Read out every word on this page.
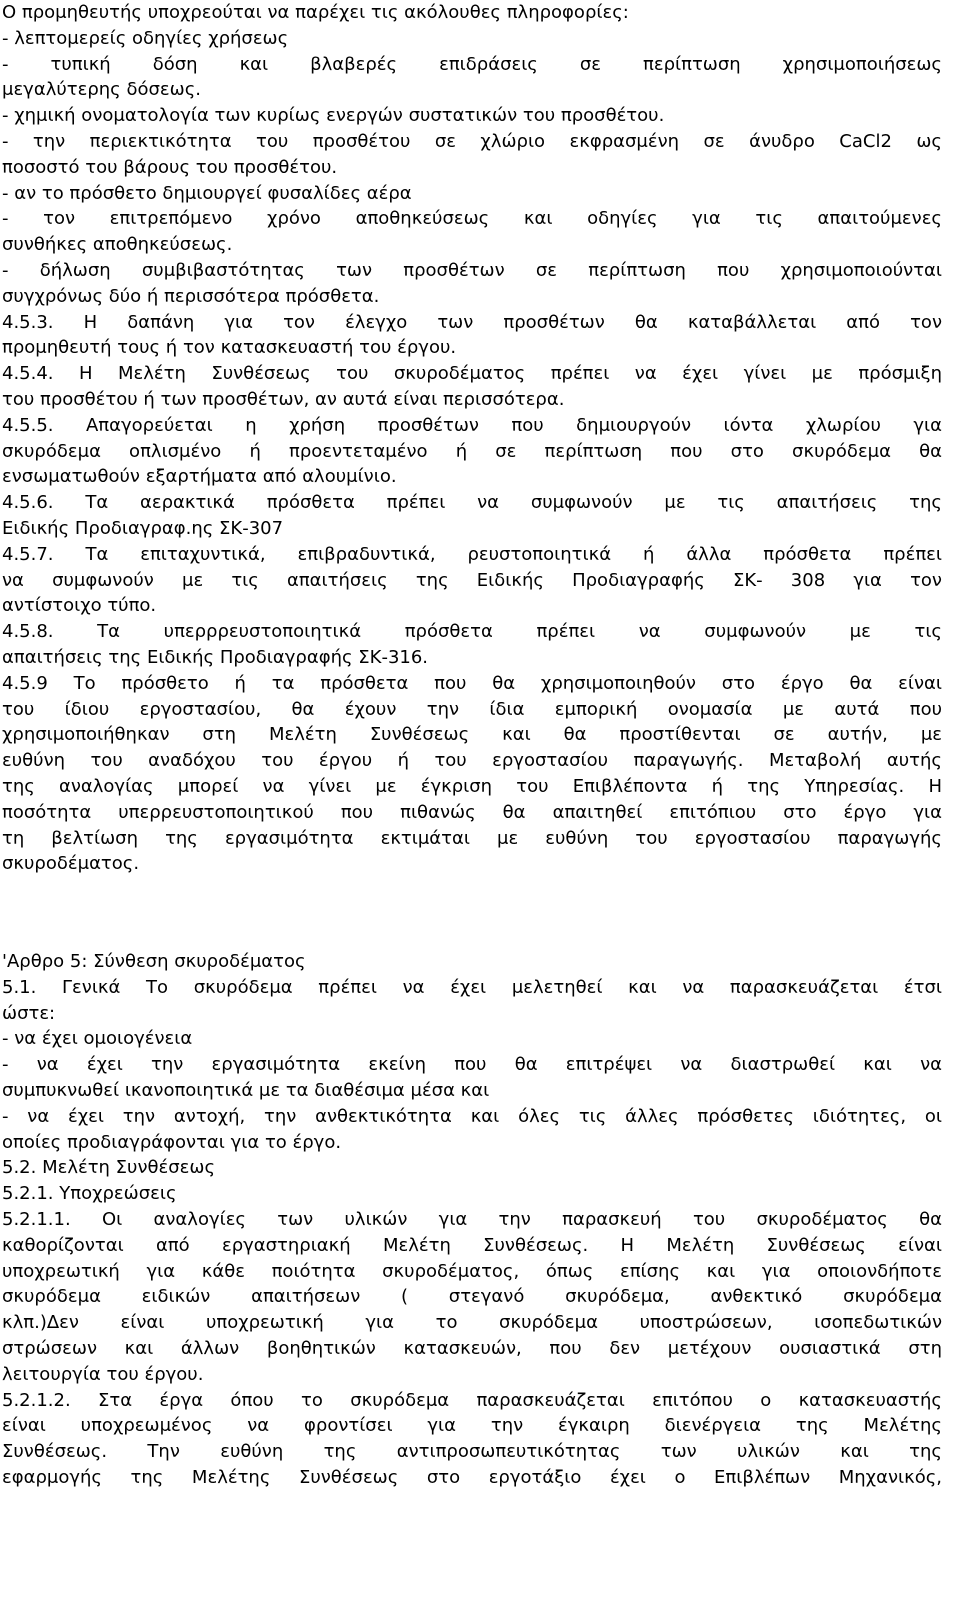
Ο προμηθευτής υποχρεούται να παρέχει τις ακόλουθες πληροφορίες:
- λεπτομερείς οδηγίες χρήσεως
- τυπική δόση και βλαβερές επιδράσεις σε περίπτωση χρησιμοποιήσεως
μεγαλύτερης δόσεως.
- χημική ονοματολογία των κυρίως ενεργών συστατικών του προσθέτου.
- την περιεκτικότητα του προσθέτου σε χλώριο εκφρασμένη σε άνυδρο CaCl2 ως
ποσοστό του βάρους του προσθέτου.
- αν το πρόσθετο δημιουργεί φυσαλίδες αέρα
- τον επιτρεπόμενο χρόνο αποθηκεύσεως και οδηγίες για τις απαιτούμενες
συνθήκες αποθηκεύσεως.
- δήλωση συμβιβαστότητας των προσθέτων σε περίπτωση που χρησιμοποιούνται
συγχρόνως δύο ή περισσότερα πρόσθετα.
4.5.3. Η δαπάνη για τον έλεγχο των προσθέτων θα καταβάλλεται από τον
προμηθευτή τους ή τον κατασκευαστή του έργου.
4.5.4. Η Μελέτη Συνθέσεως του σκυροδέματος πρέπει να έχει γίνει με πρόσμιξη
του προσθέτου ή των προσθέτων, αν αυτά είναι περισσότερα.
4.5.5. Απαγορεύεται η χρήση προσθέτων που δημιουργούν ιόντα χλωρίου για
σκυρόδεμα οπλισμένο ή προεντεταμένο ή σε περίπτωση που στο σκυρόδεμα θα
ενσωματωθούν εξαρτήματα από αλουμίνιο.
4.5.6. Τα αερακτικά πρόσθετα πρέπει να συμφωνούν με τις απαιτήσεις της
Ειδικής Προδιαγραφ.ης ΣΚ-307
4.5.7. Τα επιταχυντικά, επιβραδυντικά, ρευστοποιητικά ή άλλα πρόσθετα πρέπει
να συμφωνούν με τις απαιτήσεις της Ειδικής Προδιαγραφής ΣΚ- 308 για τον
αντίστοιχο τύπο.
4.5.8. Τα υπερρρευστοποιητικά πρόσθετα πρέπει να συμφωνούν με τις
απαιτήσεις της Ειδικής Προδιαγραφής ΣΚ-316.
4.5.9 Το πρόσθετο ή τα πρόσθετα που θα χρησιμοποιηθούν στο έργο θα είναι
του ίδιου εργοστασίου, θα έχουν την ίδια εμπορική ονομασία με αυτά που
χρησιμοποιήθηκαν στη Μελέτη Συνθέσεως και θα προστίθενται σε αυτήν, με
ευθύνη του αναδόχου του έργου ή του εργοστασίου παραγωγής. Μεταβολή αυτής
της αναλογίας μπορεί να γίνει με έγκριση του Επιβλέποντα ή της Υπηρεσίας. Η
ποσότητα υπερρευστοποιητικού που πιθανώς θα απαιτηθεί επιτόπιου στο έργο για
τη βελτίωση της εργασιμότητα εκτιμάται με ευθύνη του εργοστασίου παραγωγής
σκυροδέματος.
'Αρθρο 5: Σύνθεση σκυροδέματος
5.1. Γενικά Το σκυρόδεμα πρέπει να έχει μελετηθεί και να παρασκευάζεται έτσι
ώστε:
- να έχει ομοιογένεια
- να έχει την εργασιμότητα εκείνη που θα επιτρέψει να διαστρωθεί και να
συμπυκνωθεί ικανοποιητικά με τα διαθέσιμα μέσα και
- να έχει την αντοχή, την ανθεκτικότητα και όλες τις άλλες πρόσθετες ιδιότητες, οι
οποίες προδιαγράφονται για το έργο.
5.2. Μελέτη Συνθέσεως
5.2.1. Υποχρεώσεις
5.2.1.1. Οι αναλογίες των υλικών για την παρασκευή του σκυροδέματος θα
καθορίζονται από εργαστηριακή Μελέτη Συνθέσεως. Η Μελέτη Συνθέσεως είναι
υποχρεωτική για κάθε ποιότητα σκυροδέματος, όπως επίσης και για οποιονδήποτε
σκυρόδεμα ειδικών απαιτήσεων ( στεγανό σκυρόδεμα, ανθεκτικό σκυρόδεμα
κλπ.)Δεν είναι υποχρεωτική για το σκυρόδεμα υποστρώσεων, ισοπεδωτικών
στρώσεων και άλλων βοηθητικών κατασκευών, που δεν μετέχουν ουσιαστικά στη
λειτουργία του έργου.
5.2.1.2. Στα έργα όπου το σκυρόδεμα παρασκευάζεται επιτόπου ο κατασκευαστής
είναι υποχρεωμένος να φροντίσει για την έγκαιρη διενέργεια της Μελέτης
Συνθέσεως. Την ευθύνη της αντιπροσωπευτικότητας των υλικών και της
εφαρμογής της Μελέτης Συνθέσεως στο εργοτάξιο έχει ο Επιβλέπων Μηχανικός,
